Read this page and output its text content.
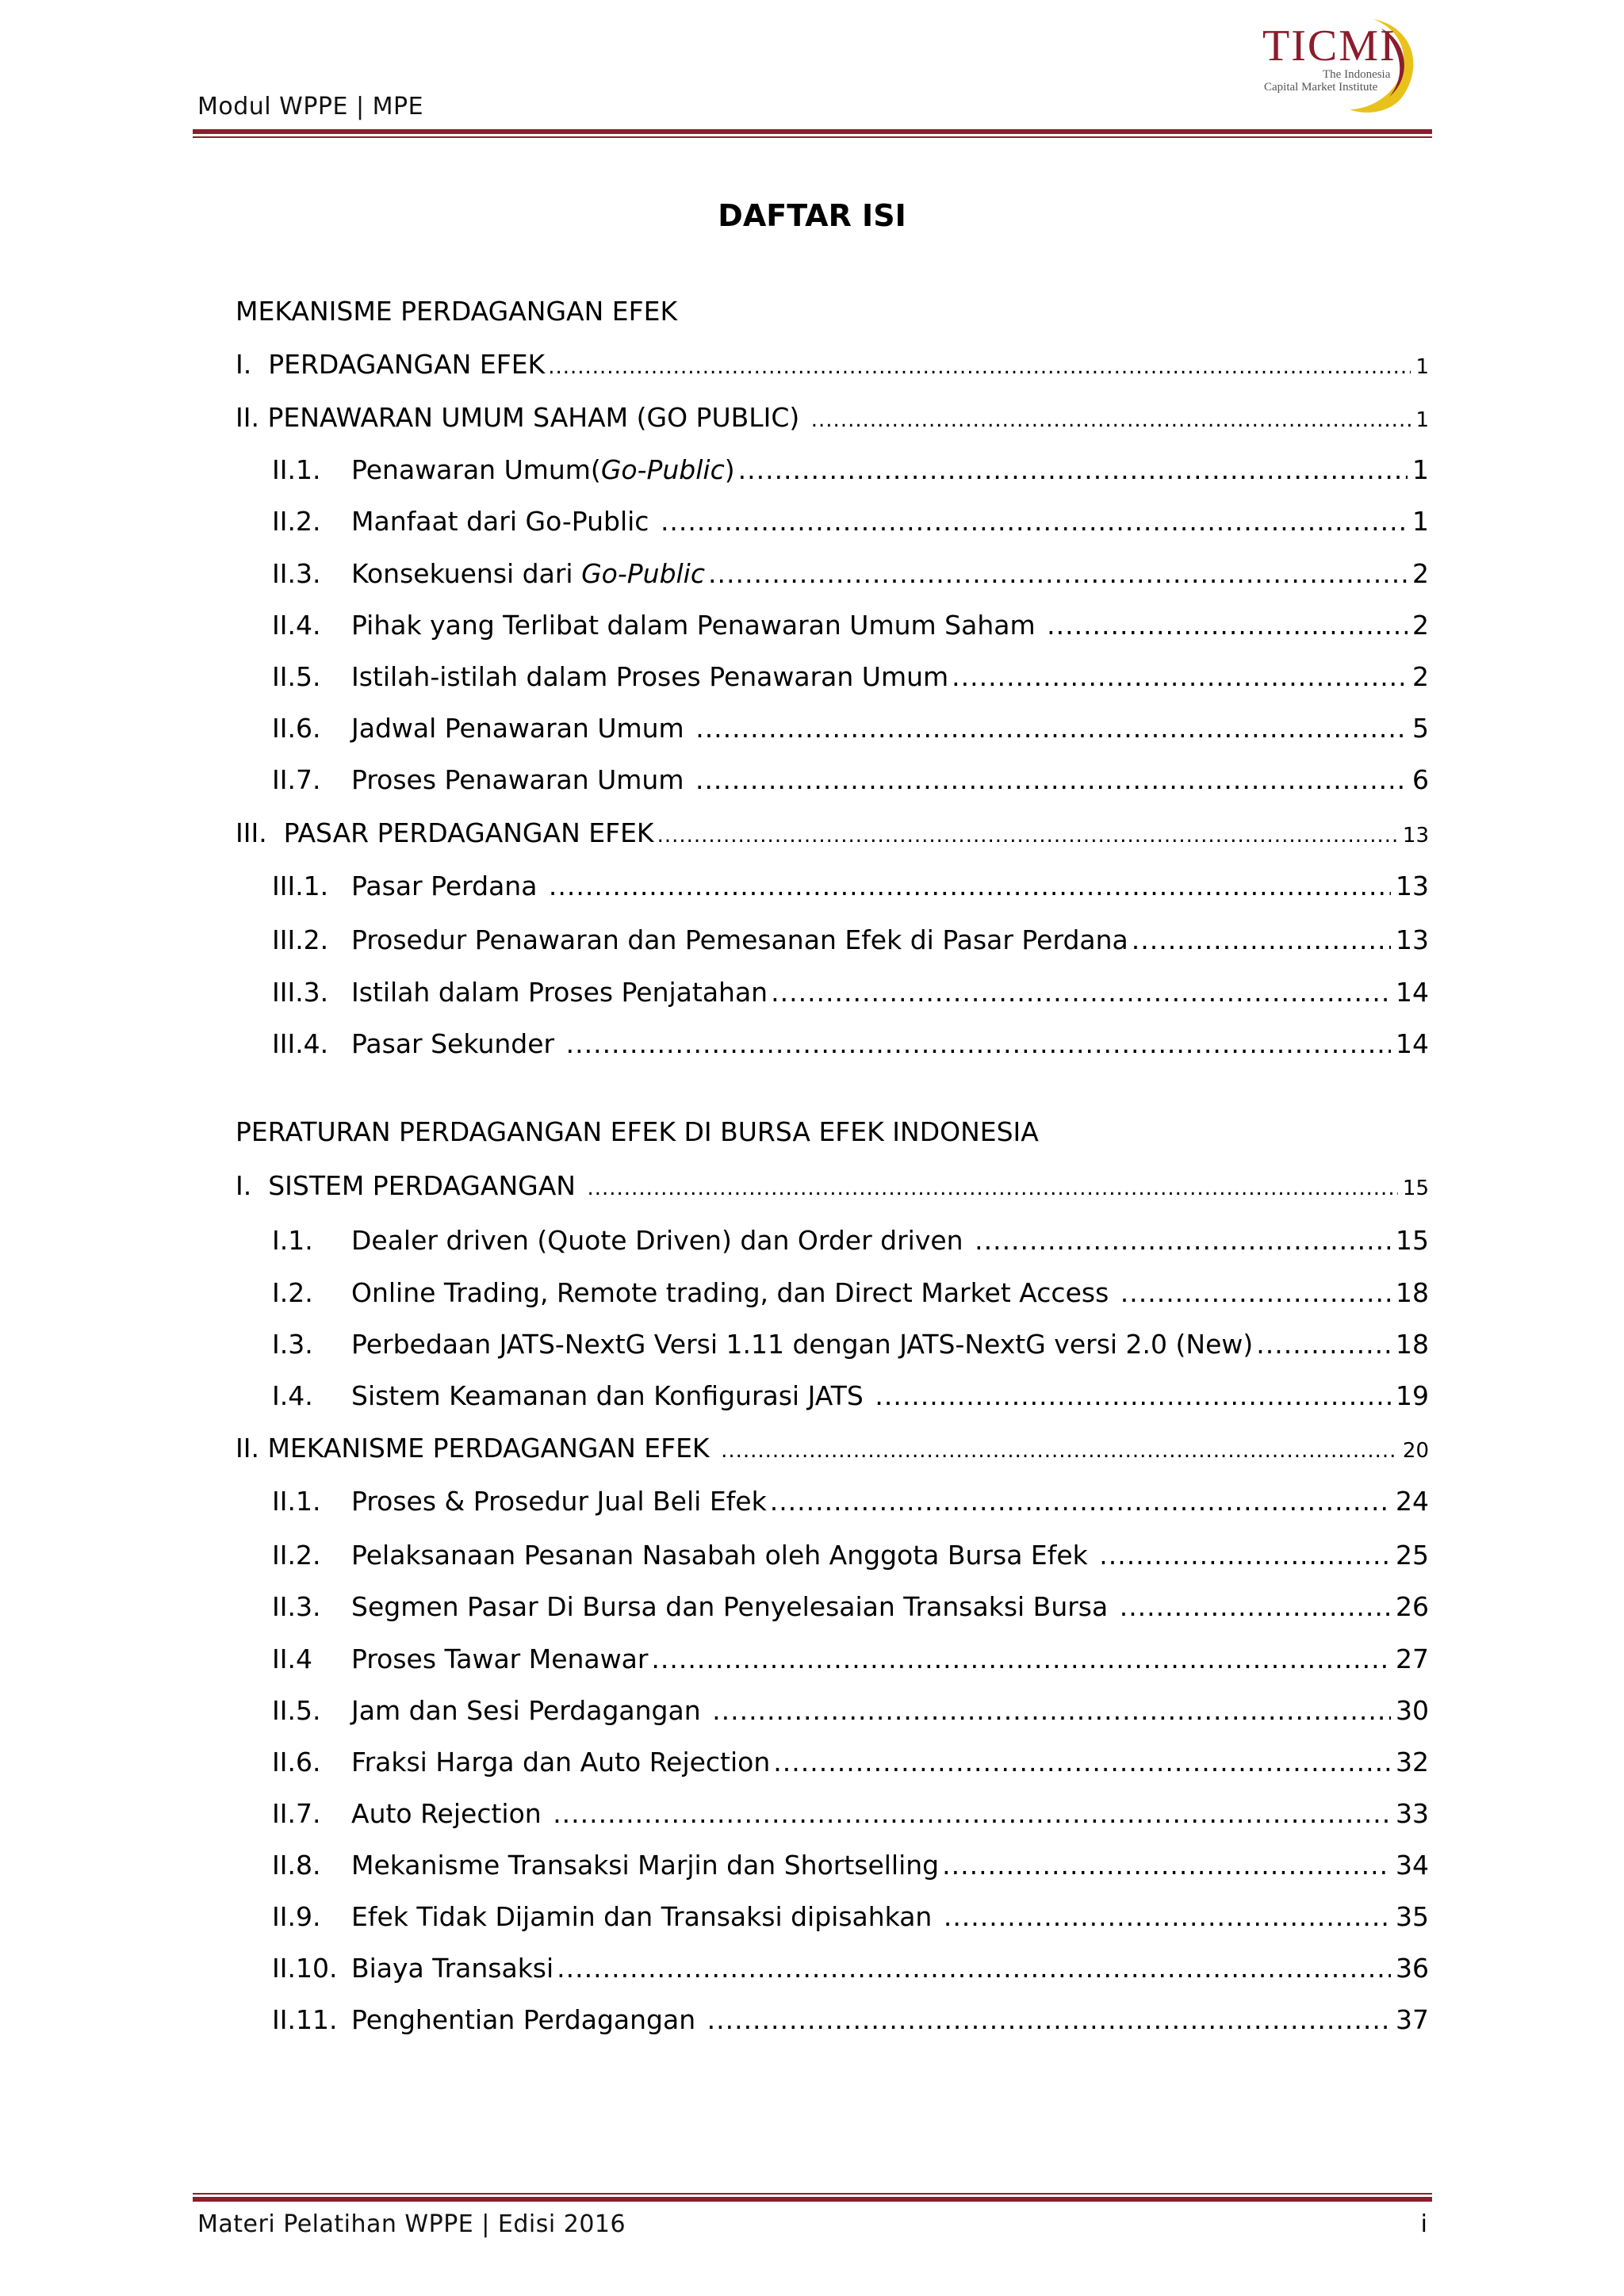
Modul WPPE | MPE
TICMI
The Indonesia
Capital Market Institute
DAFTAR ISI
MEKANISME PERDAGANGAN EFEK
I. PERDAGANGAN EFEK .....	1
II. PENAWARAN UMUM SAHAM (GO PUBLIC) .....	1
II.1.	Penawaran Umum(Go-Public) .....	1
II.2.	Manfaat dari Go-Public .....	1
II.3.	Konsekuensi dari Go-Public .....	2
II.4.	Pihak yang Terlibat dalam Penawaran Umum Saham .....	2
II.5.	Istilah-istilah dalam Proses Penawaran Umum .....	2
II.6.	Jadwal Penawaran Umum .....	5
II.7.	Proses Penawaran Umum .....	6
III. PASAR PERDAGANGAN EFEK .....	13
III.1. Pasar Perdana .....	13
III.2. Prosedur Penawaran dan Pemesanan Efek di Pasar Perdana .....	13
III.3. Istilah dalam Proses Penjatahan .....	14
III.4. Pasar Sekunder .....	14
PERATURAN PERDAGANGAN EFEK DI BURSA EFEK INDONESIA
I. SISTEM PERDAGANGAN .....	15
I.1.	Dealer driven (Quote Driven) dan Order driven .....	15
I.2.	Online Trading, Remote trading, dan Direct Market Access .....	18
I.3.	Perbedaan JATS-NextG Versi 1.11 dengan JATS-NextG versi 2.0 (New) .....	18
I.4.	Sistem Keamanan dan Konfigurasi JATS .....	19
II. MEKANISME PERDAGANGAN EFEK .....	20
II.1.	Proses & Prosedur Jual Beli Efek .....	24
II.2.	Pelaksanaan Pesanan Nasabah oleh Anggota Bursa Efek .....	25
II.3.	Segmen Pasar Di Bursa dan Penyelesaian Transaksi Bursa .....	26
II.4	Proses Tawar Menawar .....	27
II.5.	Jam dan Sesi Perdagangan .....	30
II.6.	Fraksi Harga dan Auto Rejection .....	32
II.7.	Auto Rejection .....	33
II.8.	Mekanisme Transaksi Marjin dan Shortselling .....	34
II.9.	Efek Tidak Dijamin dan Transaksi dipisahkan .....	35
II.10. Biaya Transaksi .....	36
II.11. Penghentian Perdagangan .....	37
Materi Pelatihan WPPE | Edisi 2016	i
